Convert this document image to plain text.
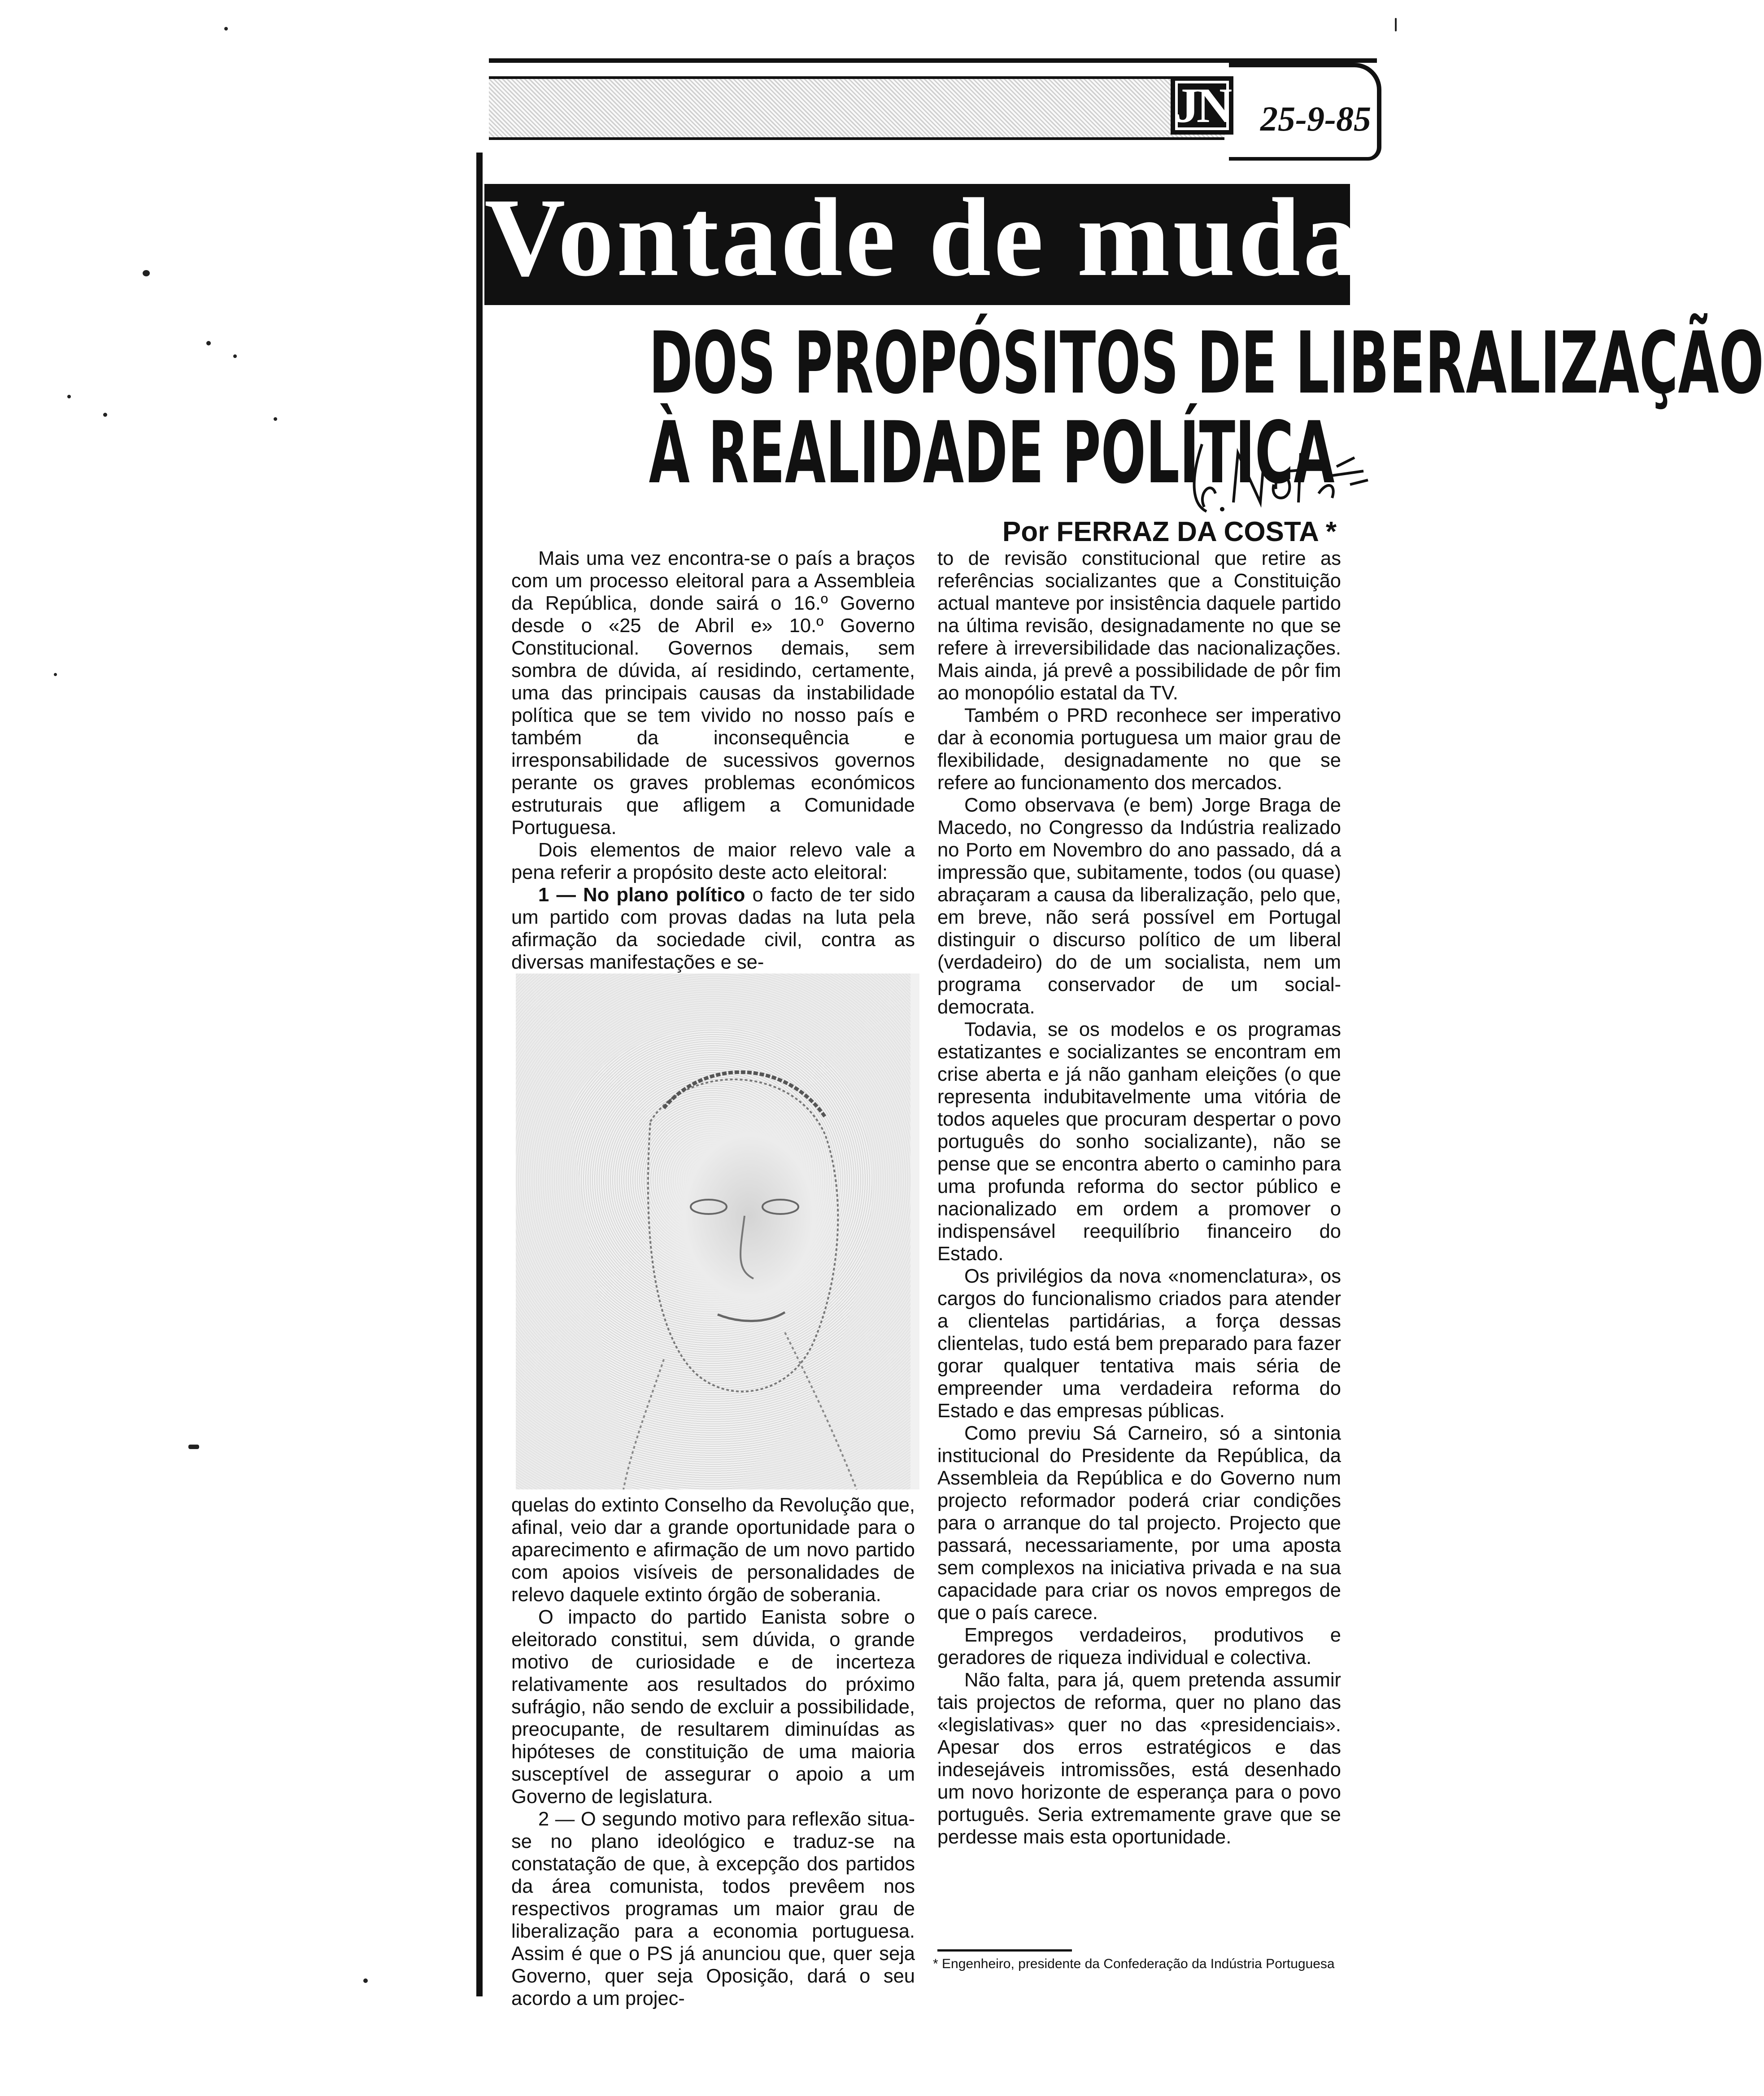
JN 25-9-85
Vontade de mudar
DOS PROPÓSITOS DE LIBERALIZAÇÃO
À REALIDADE POLÍTICA
Por FERRAZ DA COSTA *

Mais uma vez encontra-se o país a braços com um processo eleitoral para a Assembleia da República, donde sairá o 16.º Governo desde o «25 de Abril e» 10.º Governo Constitucional. Governos demais, sem sombra de dúvida, aí residindo, certamente, uma das principais causas da instabilidade política que se tem vivido no nosso país e também da inconsequência e irresponsabilidade de sucessivos governos perante os graves problemas económicos estruturais que afligem a Comunidade Portuguesa.

Dois elementos de maior relevo vale a pena referir a propósito deste acto eleitoral:

1 — No plano político o facto de ter sido um partido com provas dadas na luta pela afirmação da sociedade civil, contra as diversas manifestações e se-

quelas do extinto Conselho da Revolução que, afinal, veio dar a grande oportunidade para o aparecimento e afirmação de um novo partido com apoios visíveis de personalidades de relevo daquele extinto órgão de soberania.

O impacto do partido Eanista sobre o eleitorado constitui, sem dúvida, o grande motivo de curiosidade e de incerteza relativamente aos resultados do próximo sufrágio, não sendo de excluir a possibilidade, preocupante, de resultarem diminuídas as hipóteses de constituição de uma maioria susceptível de assegurar o apoio a um Governo de legislatura.

2 — O segundo motivo para reflexão situa-se no plano ideológico e traduz-se na constatação de que, à excepção dos partidos da área comunista, todos prevêem nos respectivos programas um maior grau de liberalização para a economia portuguesa. Assim é que o PS já anunciou que, quer seja Governo, quer seja Oposição, dará o seu acordo a um projec-

to de revisão constitucional que retire as referências socializantes que a Constituição actual manteve por insistência daquele partido na última revisão, designadamente no que se refere à irreversibilidade das nacionalizações. Mais ainda, já prevê a possibilidade de pôr fim ao monopólio estatal da TV.

Também o PRD reconhece ser imperativo dar à economia portuguesa um maior grau de flexibilidade, designadamente no que se refere ao funcionamento dos mercados.

Como observava (e bem) Jorge Braga de Macedo, no Congresso da Indústria realizado no Porto em Novembro do ano passado, dá a impressão que, subitamente, todos (ou quase) abraçaram a causa da liberalização, pelo que, em breve, não será possível em Portugal distinguir o discurso político de um liberal (verdadeiro) do de um socialista, nem um programa conservador de um social-democrata.

Todavia, se os modelos e os programas estatizantes e socializantes se encontram em crise aberta e já não ganham eleições (o que representa indubitavelmente uma vitória de todos aqueles que procuram despertar o povo português do sonho socializante), não se pense que se encontra aberto o caminho para uma profunda reforma do sector público e nacionalizado em ordem a promover o indispensável reequilíbrio financeiro do Estado.

Os privilégios da nova «nomenclatura», os cargos do funcionalismo criados para atender a clientelas partidárias, a força dessas clientelas, tudo está bem preparado para fazer gorar qualquer tentativa mais séria de empreender uma verdadeira reforma do Estado e das empresas públicas.

Como previu Sá Carneiro, só a sintonia institucional do Presidente da República, da Assembleia da República e do Governo num projecto reformador poderá criar condições para o arranque do tal projecto. Projecto que passará, necessariamente, por uma aposta sem complexos na iniciativa privada e na sua capacidade para criar os novos empregos de que o país carece.

Empregos verdadeiros, produtivos e geradores de riqueza individual e colectiva.

Não falta, para já, quem pretenda assumir tais projectos de reforma, quer no plano das «legislativas» quer no das «presidenciais». Apesar dos erros estratégicos e das indesejáveis intromissões, está desenhado um novo horizonte de esperança para o povo português. Seria extremamente grave que se perdesse mais esta oportunidade.

* Engenheiro, presidente da Confederação da Indústria Portuguesa
